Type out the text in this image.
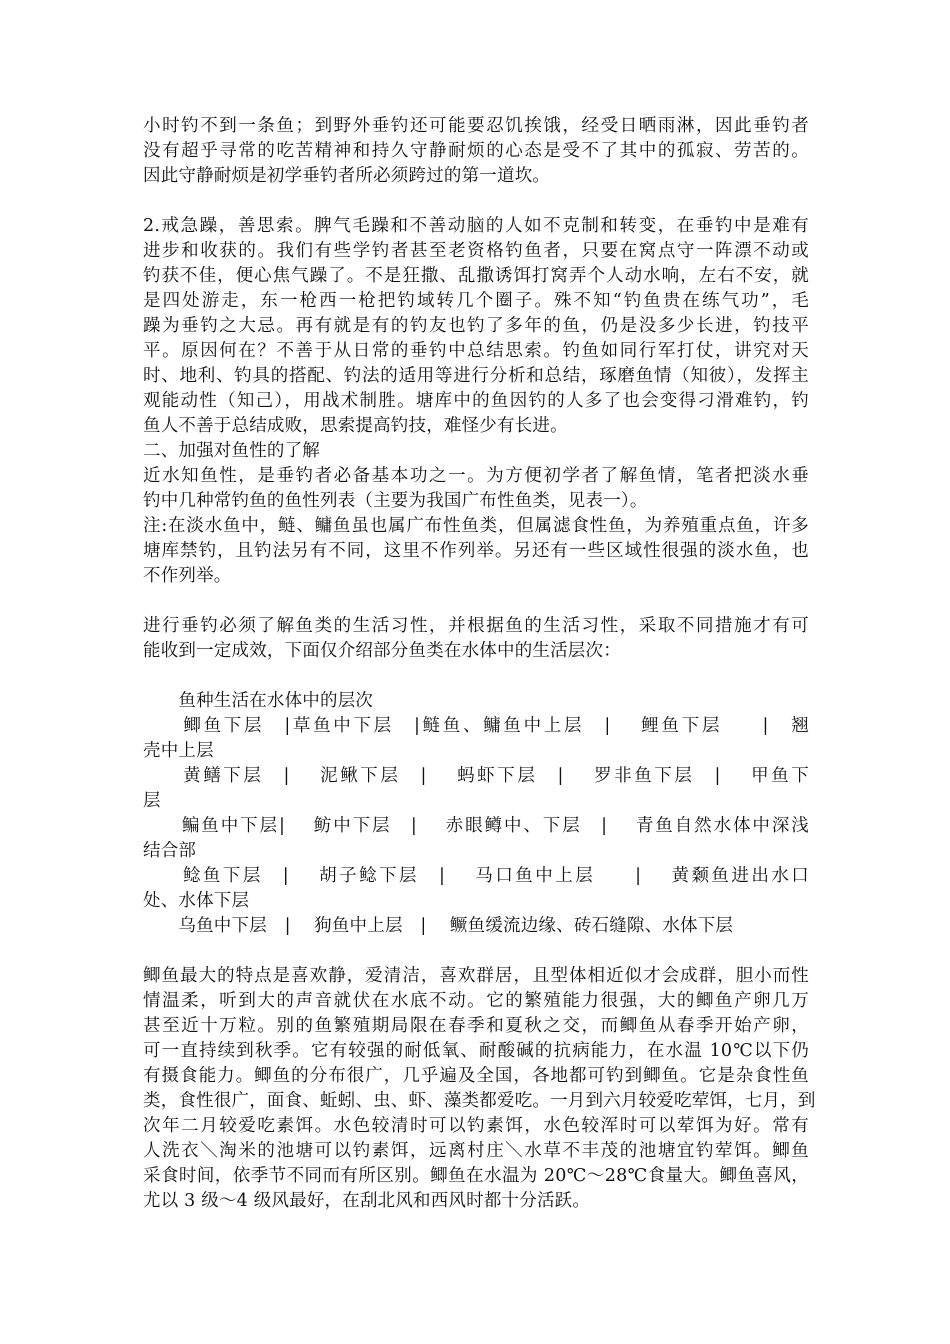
小时钓不到一条鱼；到野外垂钓还可能要忍饥挨饿，经受日晒雨淋，因此垂钓者
没有超乎寻常的吃苦精神和持久守静耐烦的心态是受不了其中的孤寂、劳苦的。
因此守静耐烦是初学垂钓者所必须跨过的第一道坎。
2.戒急躁，善思索。脾气毛躁和不善动脑的人如不克制和转变，在垂钓中是难有
进步和收获的。我们有些学钓者甚至老资格钓鱼者，只要在窝点守一阵漂不动或
钓获不佳，便心焦气躁了。不是狂撒、乱撒诱饵打窝弄个人动水响，左右不安，就
是四处游走，东一枪西一枪把钓域转几个圈子。殊不知“钓鱼贵在练气功”，毛
躁为垂钓之大忌。再有就是有的钓友也钓了多年的鱼，仍是没多少长进，钓技平
平。原因何在？不善于从日常的垂钓中总结思索。钓鱼如同行军打仗，讲究对天
时、地利、钓具的搭配、钓法的适用等进行分析和总结，琢磨鱼情（知彼），发挥主
观能动性（知己），用战术制胜。塘库中的鱼因钓的人多了也会变得刁滑难钓，钓
鱼人不善于总结成败，思索提高钓技，难怪少有长进。
二、加强对鱼性的了解
近水知鱼性，是垂钓者必备基本功之一。为方便初学者了解鱼情，笔者把淡水垂
钓中几种常钓鱼的鱼性列表（主要为我国广布性鱼类，见表一）。
注:在淡水鱼中，鲢、鳙鱼虽也属广布性鱼类，但属滤食性鱼，为养殖重点鱼，许多
塘库禁钓，且钓法另有不同，这里不作列举。另还有一些区域性很强的淡水鱼，也
不作列举。
进行垂钓必须了解鱼类的生活习性，并根据鱼的生活习性，采取不同措施才有可
能收到一定成效，下面仅介绍部分鱼类在水体中的生活层次：
　　鱼种生活在水体中的层次
　　鲫鱼下层　|草鱼中下层　|鲢鱼、鳙鱼中上层　|　 鲤鱼下层　　|　翘
壳中上层
　　黄鳝下层　|　 泥鳅下层　|　 蚂虾下层　|　 罗非鱼下层　|　 甲鱼下
层
　　鳊鱼中下层|　 鲂中下层　|　 赤眼鳟中、下层　|　 青鱼自然水体中深浅
结合部
　　鲶鱼下层　|　 胡子鲶下层　|　 马口鱼中上层　　|　 黄颡鱼进出水口
处、水体下层
　　乌鱼中下层　|　 狗鱼中上层　|　 鳜鱼缓流边缘、砖石缝隙、水体下层
鲫鱼最大的特点是喜欢静，爱清洁，喜欢群居，且型体相近似才会成群，胆小而性
情温柔，听到大的声音就伏在水底不动。它的繁殖能力很强，大的鲫鱼产卵几万
甚至近十万粒。别的鱼繁殖期局限在春季和夏秋之交，而鲫鱼从春季开始产卵，
可一直持续到秋季。它有较强的耐低氧、耐酸碱的抗病能力，在水温 10℃以下仍
有摄食能力。鲫鱼的分布很广，几乎遍及全国，各地都可钓到鲫鱼。它是杂食性鱼
类，食性很广，面食、蚯蚓、虫、虾、藻类都爱吃。一月到六月较爱吃荤饵，七月，到
次年二月较爱吃素饵。水色较清时可以钓素饵，水色较浑时可以荤饵为好。常有
人洗衣＼淘米的池塘可以钓素饵，远离村庄＼水草不丰茂的池塘宜钓荤饵。鲫鱼
采食时间，依季节不同而有所区别。鲫鱼在水温为 20℃～28℃食量大。鲫鱼喜风，
尤以 3 级～4 级风最好，在刮北风和西风时都十分活跃。
